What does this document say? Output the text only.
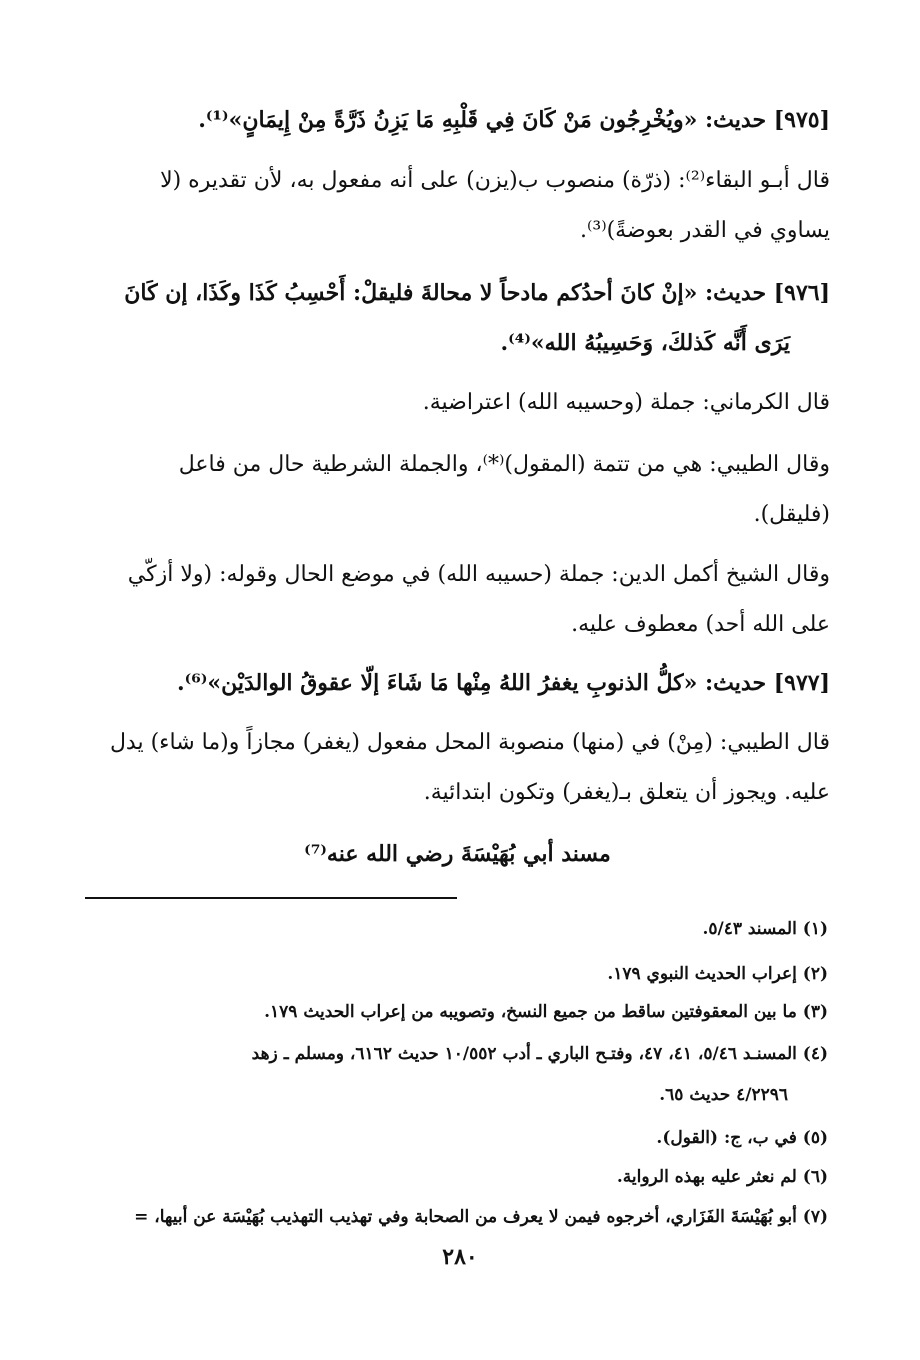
[٩٧٥] حديث: «ويُخْرِجُون مَنْ كَانَ فِي قَلْبِهِ مَا يَزِنُ ذَرَّةً مِنْ إِيمَانٍ»⁽¹⁾.
قال أبـو البقاء⁽²⁾: (ذرّة) منصوب ب(يزن) على أنه مفعول به، لأن تقديره (لا
يساوي في القدر بعوضةً)⁽³⁾.
[٩٧٦] حديث: «إنْ كانَ أحدُكم مادحاً لا محالةَ فليقلْ: أَحْسِبُ كَذَا وكَذَا، إن كَانَ
يَرَى أَنَّه كَذلكَ، وَحَسِيبُهُ الله»⁽⁴⁾.
قال الكرماني: جملة (وحسيبه الله) اعتراضية.
وقال الطيبي: هي من تتمة (المقول)⁽*⁾، والجملة الشرطية حال من فاعل
(فليقل).
وقال الشيخ أكمل الدين: جملة (حسيبه الله) في موضع الحال وقوله: (ولا أزكّي
على الله أحد) معطوف عليه.
[٩٧٧] حديث: «كلُّ الذنوبِ يغفرُ اللهُ مِنْها مَا شَاءَ إلّا عقوقُ الوالدَيْن»⁽⁶⁾.
قال الطيبي: (مِنْ) في (منها) منصوبة المحل مفعول (يغفر) مجازاً و(ما شاء) يدل
عليه. ويجوز أن يتعلق بـ(يغفر) وتكون ابتدائية.
مسند أبي بُهَيْسَةَ رضي الله عنه⁽⁷⁾
(١) المسند ٥/٤٣.
(٢) إعراب الحديث النبوي ١٧٩.
(٣) ما بين المعقوفتين ساقط من جميع النسخ، وتصويبه من إعراب الحديث ١٧٩.
(٤) المسنـد ٥/٤٦، ٤١، ٤٧، وفتـح الباري ـ أدب ١٠/٥٥٢ حديث ٦١٦٢، ومسلم ـ زهد
٤/٢٢٩٦ حديث ٦٥.
(٥) في ب، ج: (القول).
(٦) لم نعثر عليه بهذه الرواية.
(٧) أبو بُهَيْسَةَ الفَزَاري، أخرجوه فيمن لا يعرف من الصحابة وفي تهذيب التهذيب بُهَيْسَة عن أبيها، =
٢٨٠
